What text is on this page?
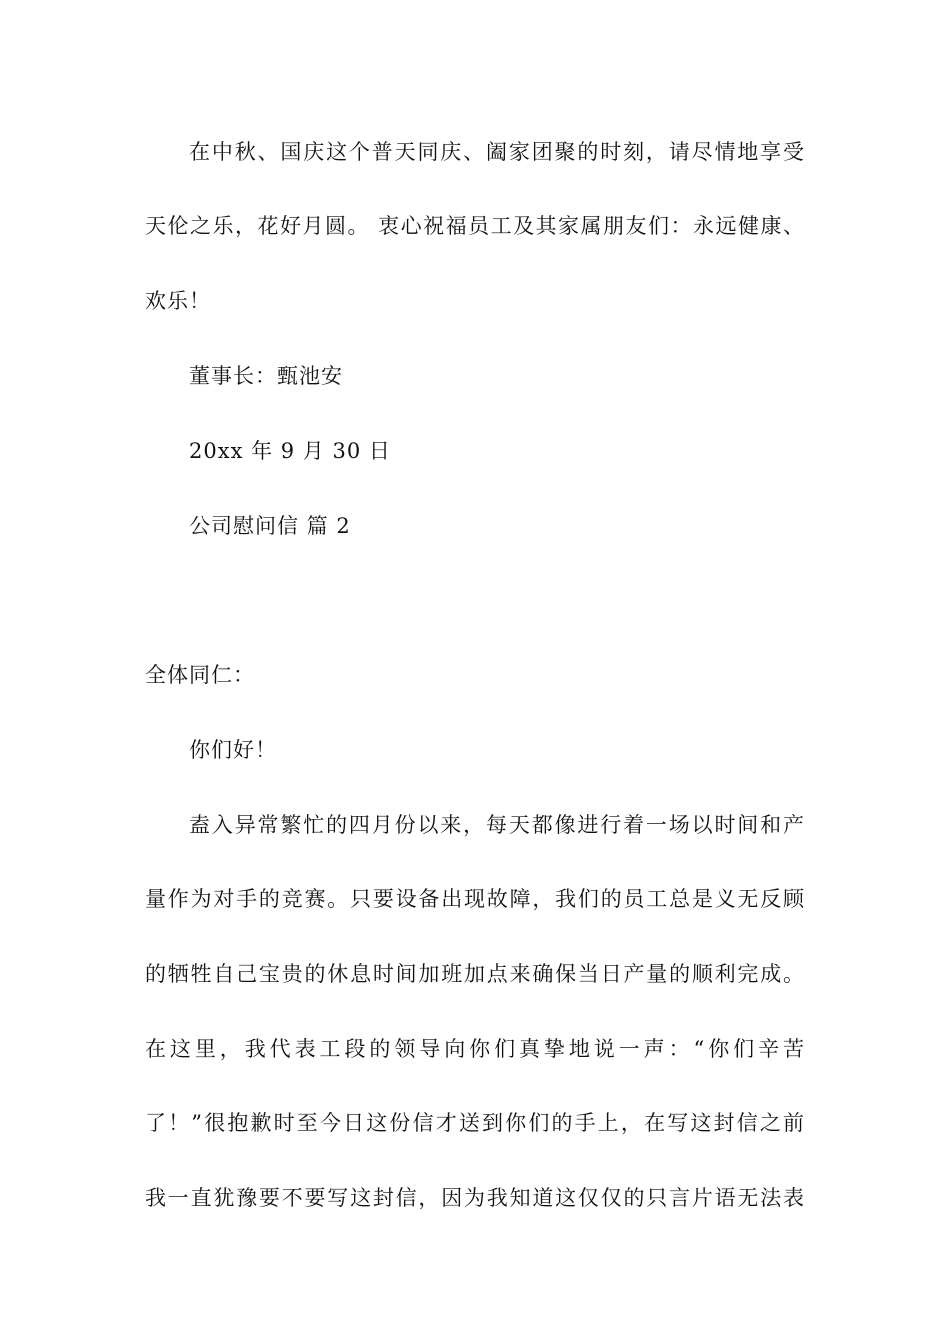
在中秋、国庆这个普天同庆、阖家团聚的时刻，请尽情地享受
天伦之乐，花好月圆。 衷心祝福员工及其家属朋友们：永远健康、
欢乐！
董事长：甄池安
20xx 年 9 月 30 日
公司慰问信 篇 2
全体同仁：
你们好！
盍入异常繁忙的四月份以来，每天都像进行着一场以时间和产
量作为对手的竞赛。只要设备出现故障，我们的员工总是义无反顾
的牺牲自己宝贵的休息时间加班加点来确保当日产量的顺利完成。
在这里，我代表工段的领导向你们真挚地说一声：“你们辛苦
了！”很抱歉时至今日这份信才送到你们的手上，在写这封信之前
我一直犹豫要不要写这封信，因为我知道这仅仅的只言片语无法表
